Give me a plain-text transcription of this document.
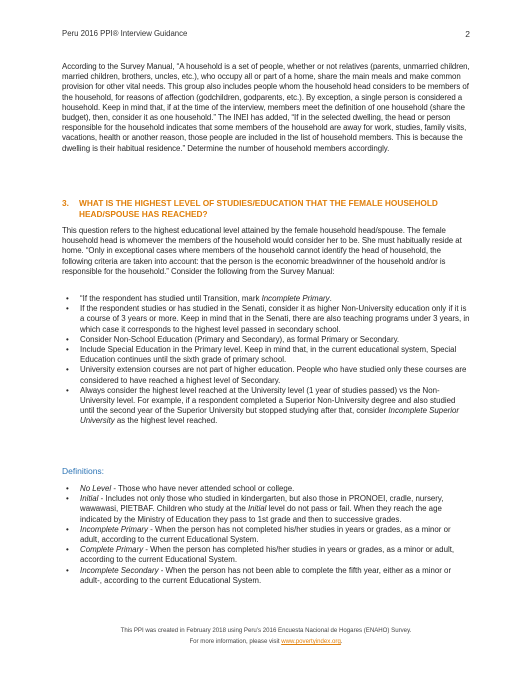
Peru 2016 PPI® Interview Guidance	2

According to the Survey Manual, “A household is a set of people, whether or not relatives (parents, unmarried children, married children, brothers, uncles, etc.), who occupy all or part of a home, share the main meals and make common provision for other vital needs. This group also includes people whom the household head considers to be members of the household, for reasons of affection (godchildren, godparents, etc.). By exception, a single person is considered a household. Keep in mind that, if at the time of the interview, members meet the definition of one household (share the budget), then, consider it as one household.” The INEI has added, “If in the selected dwelling, the head or person responsible for the household indicates that some members of the household are away for work, studies, family visits, vacations, health or another reason, those people are included in the list of household members. This is because the dwelling is their habitual residence.” Determine the number of household members accordingly.

3. WHAT IS THE HIGHEST LEVEL OF STUDIES/EDUCATION THAT THE FEMALE HOUSEHOLD
HEAD/SPOUSE HAS REACHED?

This question refers to the highest educational level attained by the female household head/spouse. The female household head is whomever the members of the household would consider her to be. She must habitually reside at home. “Only in exceptional cases where members of the household cannot identify the head of household, the following criteria are taken into account: that the person is the economic breadwinner of the household and/or is responsible for the household.” Consider the following from the Survey Manual:

• “If the respondent has studied until Transition, mark Incomplete Primary.
• If the respondent studies or has studied in the Senati, consider it as higher Non-University education only if it is a course of 3 years or more. Keep in mind that in the Senati, there are also teaching programs under 3 years, in which case it corresponds to the highest level passed in secondary school.
• Consider Non-School Education (Primary and Secondary), as formal Primary or Secondary.
• Include Special Education in the Primary level. Keep in mind that, in the current educational system, Special Education continues until the sixth grade of primary school.
• University extension courses are not part of higher education. People who have studied only these courses are considered to have reached a highest level of Secondary.
• Always consider the highest level reached at the University level (1 year of studies passed) vs the Non-University level. For example, if a respondent completed a Superior Non-University degree and also studied until the second year of the Superior University but stopped studying after that, consider Incomplete Superior University as the highest level reached.
Definitions:
• No Level - Those who have never attended school or college.
• Initial - Includes not only those who studied in kindergarten, but also those in PRONOEI, cradle, nursery, wawawasi, PIETBAF. Children who study at the Initial level do not pass or fail. When they reach the age indicated by the Ministry of Education they pass to 1st grade and then to successive grades.
• Incomplete Primary - When the person has not completed his/her studies in years or grades, as a minor or adult, according to the current Educational System.
• Complete Primary - When the person has completed his/her studies in years or grades, as a minor or adult, according to the current Educational System.
• Incomplete Secondary - When the person has not been able to complete the fifth year, either as a minor or adult-, according to the current Educational System.
This PPI was created in February 2018 using Peru’s 2016 Encuesta Nacional de Hogares (ENAHO) Survey.
For more information, please visit www.povertyindex.org.
